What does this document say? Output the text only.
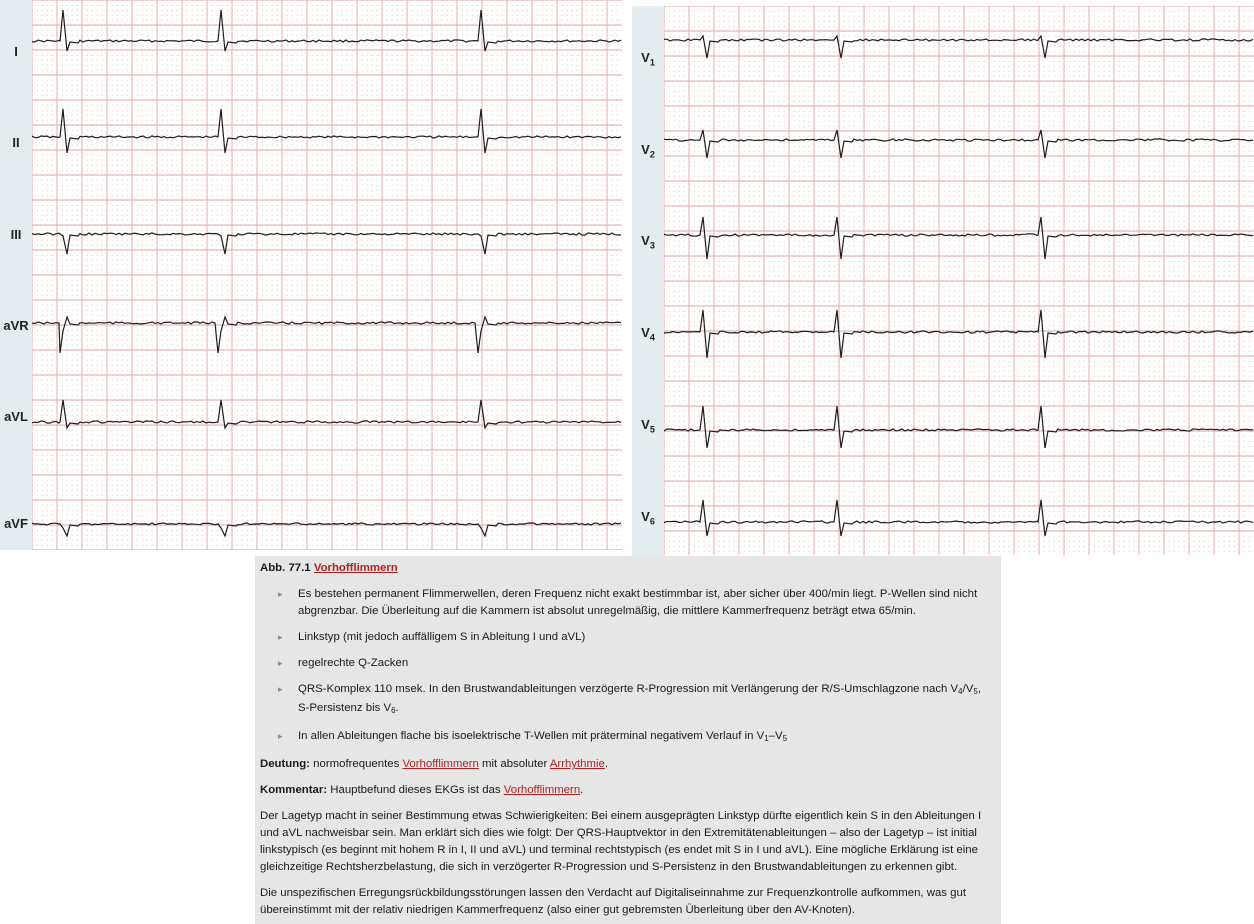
I
II
III
aVR
aVL
aVF
$V_1$
$V_2$
$V_3$
$V_4$
$V_5$
$V_6$
Abb. 77.1 Vorhofflimmern
▸ Es bestehen permanent Flimmerwellen, deren Frequenz nicht exakt bestimmbar ist, aber sicher über 400/min liegt. P-Wellen sind nicht abgrenzbar. Die Überleitung auf die Kammern ist absolut unregelmäßig, die mittlere Kammerfrequenz beträgt etwa 65/min.
▸ Linkstyp (mit jedoch auffälligem S in Ableitung I und aVL)
▸ regelrechte Q-Zacken
▸ QRS-Komplex 110 msek. In den Brustwandableitungen verzögerte R-Progression mit Verlängerung der R/S-Umschlagzone nach $V_4/V_5$, S-Persistenz bis $V_6$.
▸ In allen Ableitungen flache bis isoelektrische T-Wellen mit präterminal negativem Verlauf in $V_1-V_5$

Deutung: normofrequentes Vorhofflimmern mit absoluter Arrhythmie.

Kommentar: Hauptbefund dieses EKGs ist das Vorhofflimmern.

Der Lagetyp macht in seiner Bestimmung etwas Schwierigkeiten: Bei einem ausgeprägten Linkstyp dürfte eigentlich kein S in den Ableitungen I und aVL nachweisbar sein. Man erklärt sich dies wie folgt: Der QRS-Hauptvektor in den Extremitätenableitungen – also der Lagetyp – ist initial linkstypisch (es beginnt mit hohem R in I, II und aVL) und terminal rechtstypisch (es endet mit S in I und aVL). Eine mögliche Erklärung ist eine gleichzeitige Rechtsherzbelastung, die sich in verzögerter R-Progression und S-Persistenz in den Brustwandableitungen zu erkennen gibt.

Die unspezifischen Erregungsrückbildungsstörungen lassen den Verdacht auf Digitaliseinnahme zur Frequenzkontrolle aufkommen, was gut übereinstimmt mit der relativ niedrigen Kammerfrequenz (also einer gut gebremsten Überleitung über den AV-Knoten).
